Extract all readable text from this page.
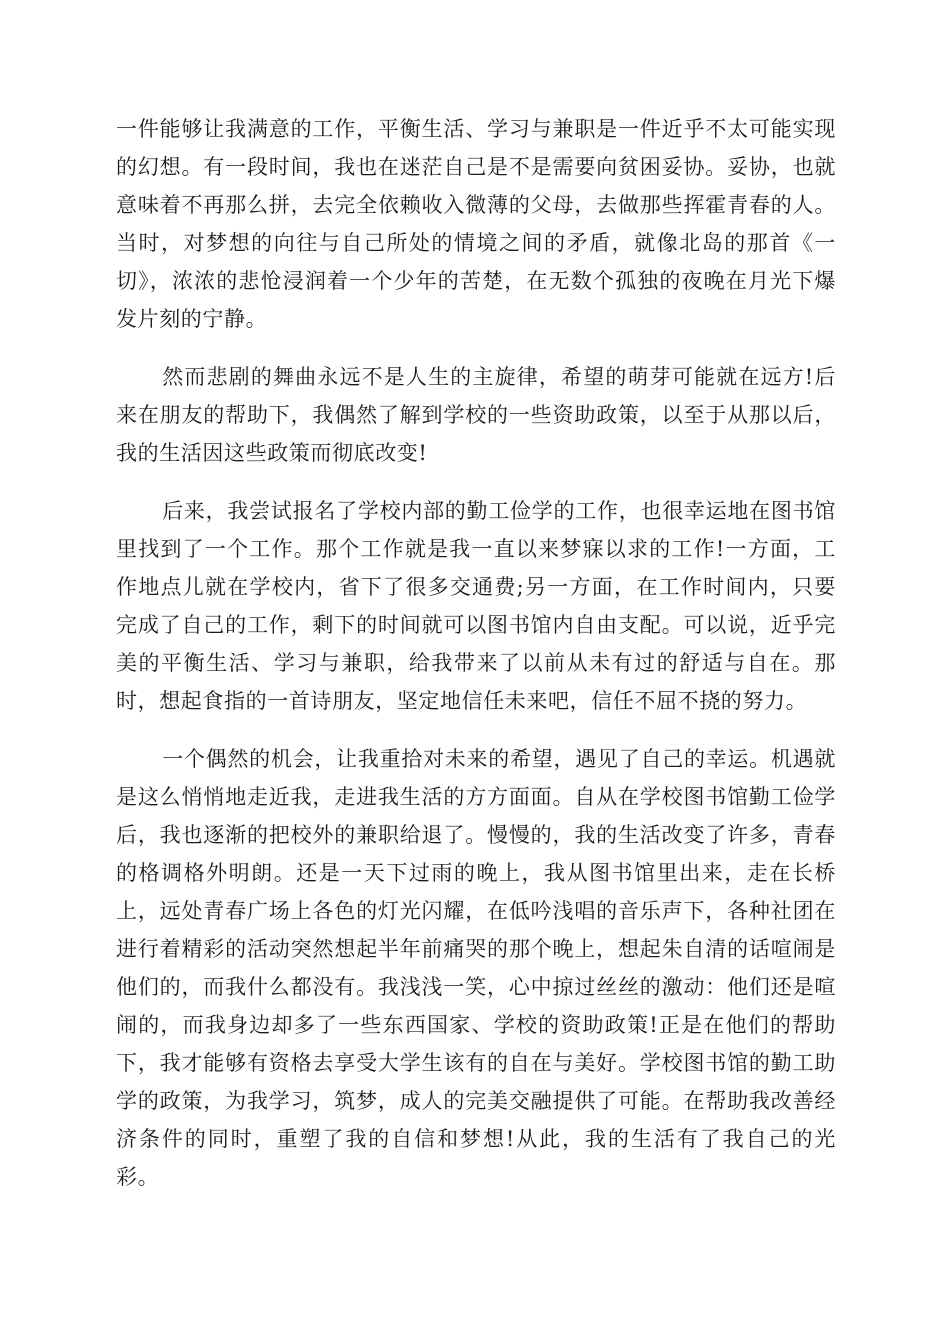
一件能够让我满意的工作，平衡生活、学习与兼职是一件近乎不太可能实现的幻想。有一段时间，我也在迷茫自己是不是需要向贫困妥协。妥协，也就意味着不再那么拼，去完全依赖收入微薄的父母，去做那些挥霍青春的人。当时，对梦想的向往与自己所处的情境之间的矛盾，就像北岛的那首《一切》，浓浓的悲怆浸润着一个少年的苦楚，在无数个孤独的夜晚在月光下爆发片刻的宁静。

然而悲剧的舞曲永远不是人生的主旋律，希望的萌芽可能就在远方!后来在朋友的帮助下，我偶然了解到学校的一些资助政策，以至于从那以后，我的生活因这些政策而彻底改变!

后来，我尝试报名了学校内部的勤工俭学的工作，也很幸运地在图书馆里找到了一个工作。那个工作就是我一直以来梦寐以求的工作!一方面，工作地点儿就在学校内，省下了很多交通费;另一方面，在工作时间内，只要完成了自己的工作，剩下的时间就可以图书馆内自由支配。可以说，近乎完美的平衡生活、学习与兼职，给我带来了以前从未有过的舒适与自在。那时，想起食指的一首诗朋友，坚定地信任未来吧，信任不屈不挠的努力。

一个偶然的机会，让我重拾对未来的希望，遇见了自己的幸运。机遇就是这么悄悄地走近我，走进我生活的方方面面。自从在学校图书馆勤工俭学后，我也逐渐的把校外的兼职给退了。慢慢的，我的生活改变了许多，青春的格调格外明朗。还是一天下过雨的晚上，我从图书馆里出来，走在长桥上，远处青春广场上各色的灯光闪耀，在低吟浅唱的音乐声下，各种社团在进行着精彩的活动突然想起半年前痛哭的那个晚上，想起朱自清的话喧闹是他们的，而我什么都没有。我浅浅一笑，心中掠过丝丝的激动：他们还是喧闹的，而我身边却多了一些东西国家、学校的资助政策!正是在他们的帮助下，我才能够有资格去享受大学生该有的自在与美好。学校图书馆的勤工助学的政策，为我学习，筑梦，成人的完美交融提供了可能。在帮助我改善经济条件的同时，重塑了我的自信和梦想!从此，我的生活有了我自己的光彩。
